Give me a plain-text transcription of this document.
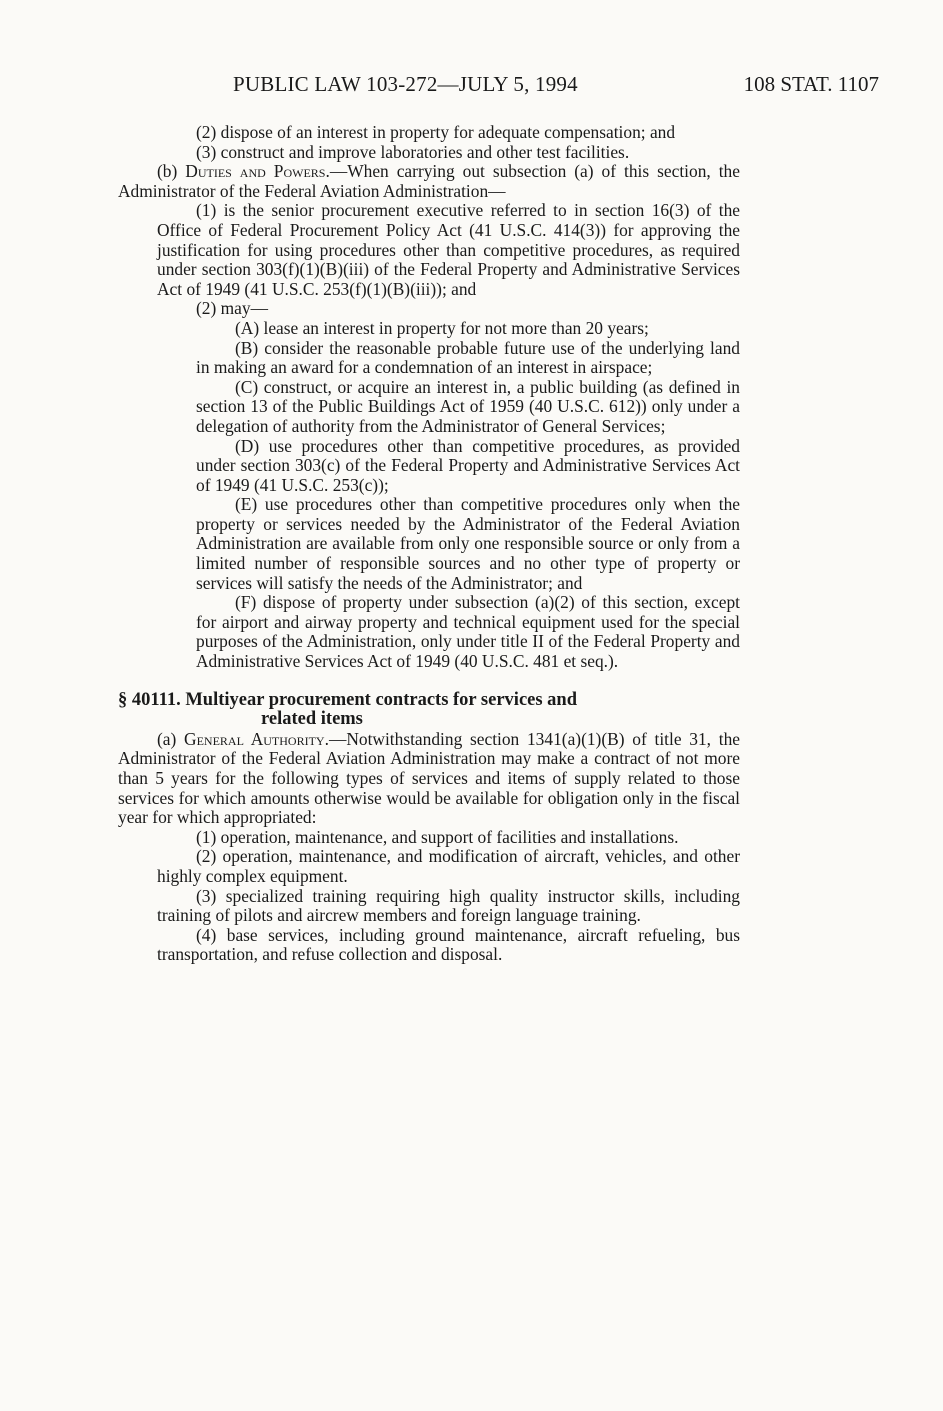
PUBLIC LAW 103-272—JULY 5, 1994	108 STAT. 1107

(2) dispose of an interest in property for adequate compensation; and

(3) construct and improve laboratories and other test facilities.

(b) Duties and Powers.—When carrying out subsection (a) of this section, the Administrator of the Federal Aviation Administration—

(1) is the senior procurement executive referred to in section 16(3) of the Office of Federal Procurement Policy Act (41 U.S.C. 414(3)) for approving the justification for using procedures other than competitive procedures, as required under section 303(f)(1)(B)(iii) of the Federal Property and Administrative Services Act of 1949 (41 U.S.C. 253(f)(1)(B)(iii)); and

(2) may—

(A) lease an interest in property for not more than 20 years;

(B) consider the reasonable probable future use of the underlying land in making an award for a condemnation of an interest in airspace;

(C) construct, or acquire an interest in, a public building (as defined in section 13 of the Public Buildings Act of 1959 (40 U.S.C. 612)) only under a delegation of authority from the Administrator of General Services;

(D) use procedures other than competitive procedures, as provided under section 303(c) of the Federal Property and Administrative Services Act of 1949 (41 U.S.C. 253(c));

(E) use procedures other than competitive procedures only when the property or services needed by the Administrator of the Federal Aviation Administration are available from only one responsible source or only from a limited number of responsible sources and no other type of property or services will satisfy the needs of the Administrator; and

(F) dispose of property under subsection (a)(2) of this section, except for airport and airway property and technical equipment used for the special purposes of the Administration, only under title II of the Federal Property and Administrative Services Act of 1949 (40 U.S.C. 481 et seq.).

§ 40111. Multiyear procurement contracts for services and
related items

(a) General Authority.—Notwithstanding section 1341(a)(1)(B) of title 31, the Administrator of the Federal Aviation Administration may make a contract of not more than 5 years for the following types of services and items of supply related to those services for which amounts otherwise would be available for obligation only in the fiscal year for which appropriated:

(1) operation, maintenance, and support of facilities and installations.

(2) operation, maintenance, and modification of aircraft, vehicles, and other highly complex equipment.

(3) specialized training requiring high quality instructor skills, including training of pilots and aircrew members and foreign language training.

(4) base services, including ground maintenance, aircraft refueling, bus transportation, and refuse collection and disposal.
